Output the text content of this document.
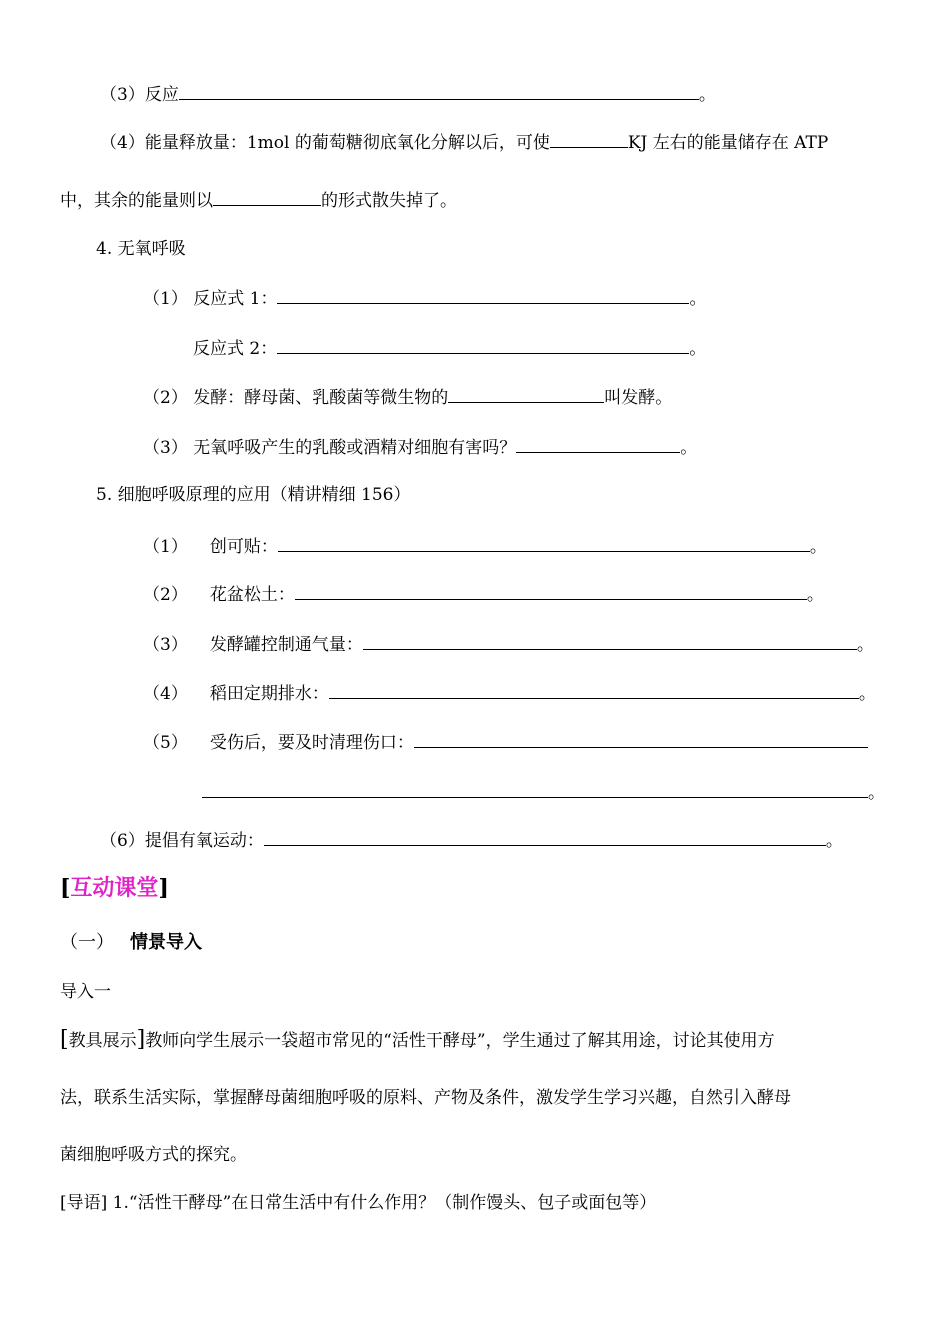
（3）反应	。
（4）能量释放量：1mol 的葡萄糖彻底氧化分解以后，可使	KJ 左右的能量储存在 ATP
中，其余的能量则以	的形式散失掉了。
4. 无氧呼吸
（1） 反应式 1：	。
反应式 2：	。
（2） 发酵：酵母菌、乳酸菌等微生物的	叫发酵。
（3） 无氧呼吸产生的乳酸或酒精对细胞有害吗？	。
5. 细胞呼吸原理的应用（精讲精细 156）
（1） 创可贴：	。
（2） 花盆松土：	。
（3） 发酵罐控制通气量：	。
（4） 稻田定期排水：	。
（5） 受伤后，要及时清理伤口：
。
（6）提倡有氧运动：	。
[互动课堂]
（一） 情景导入
导入一
[教具展示]教师向学生展示一袋超市常见的“活性干酵母”，学生通过了解其用途，讨论其使用方
法，联系生活实际，掌握酵母菌细胞呼吸的原料、产物及条件，激发学生学习兴趣，自然引入酵母
菌细胞呼吸方式的探究。
[导语] 1.“活性干酵母”在日常生活中有什么作用？（制作馒头、包子或面包等）
